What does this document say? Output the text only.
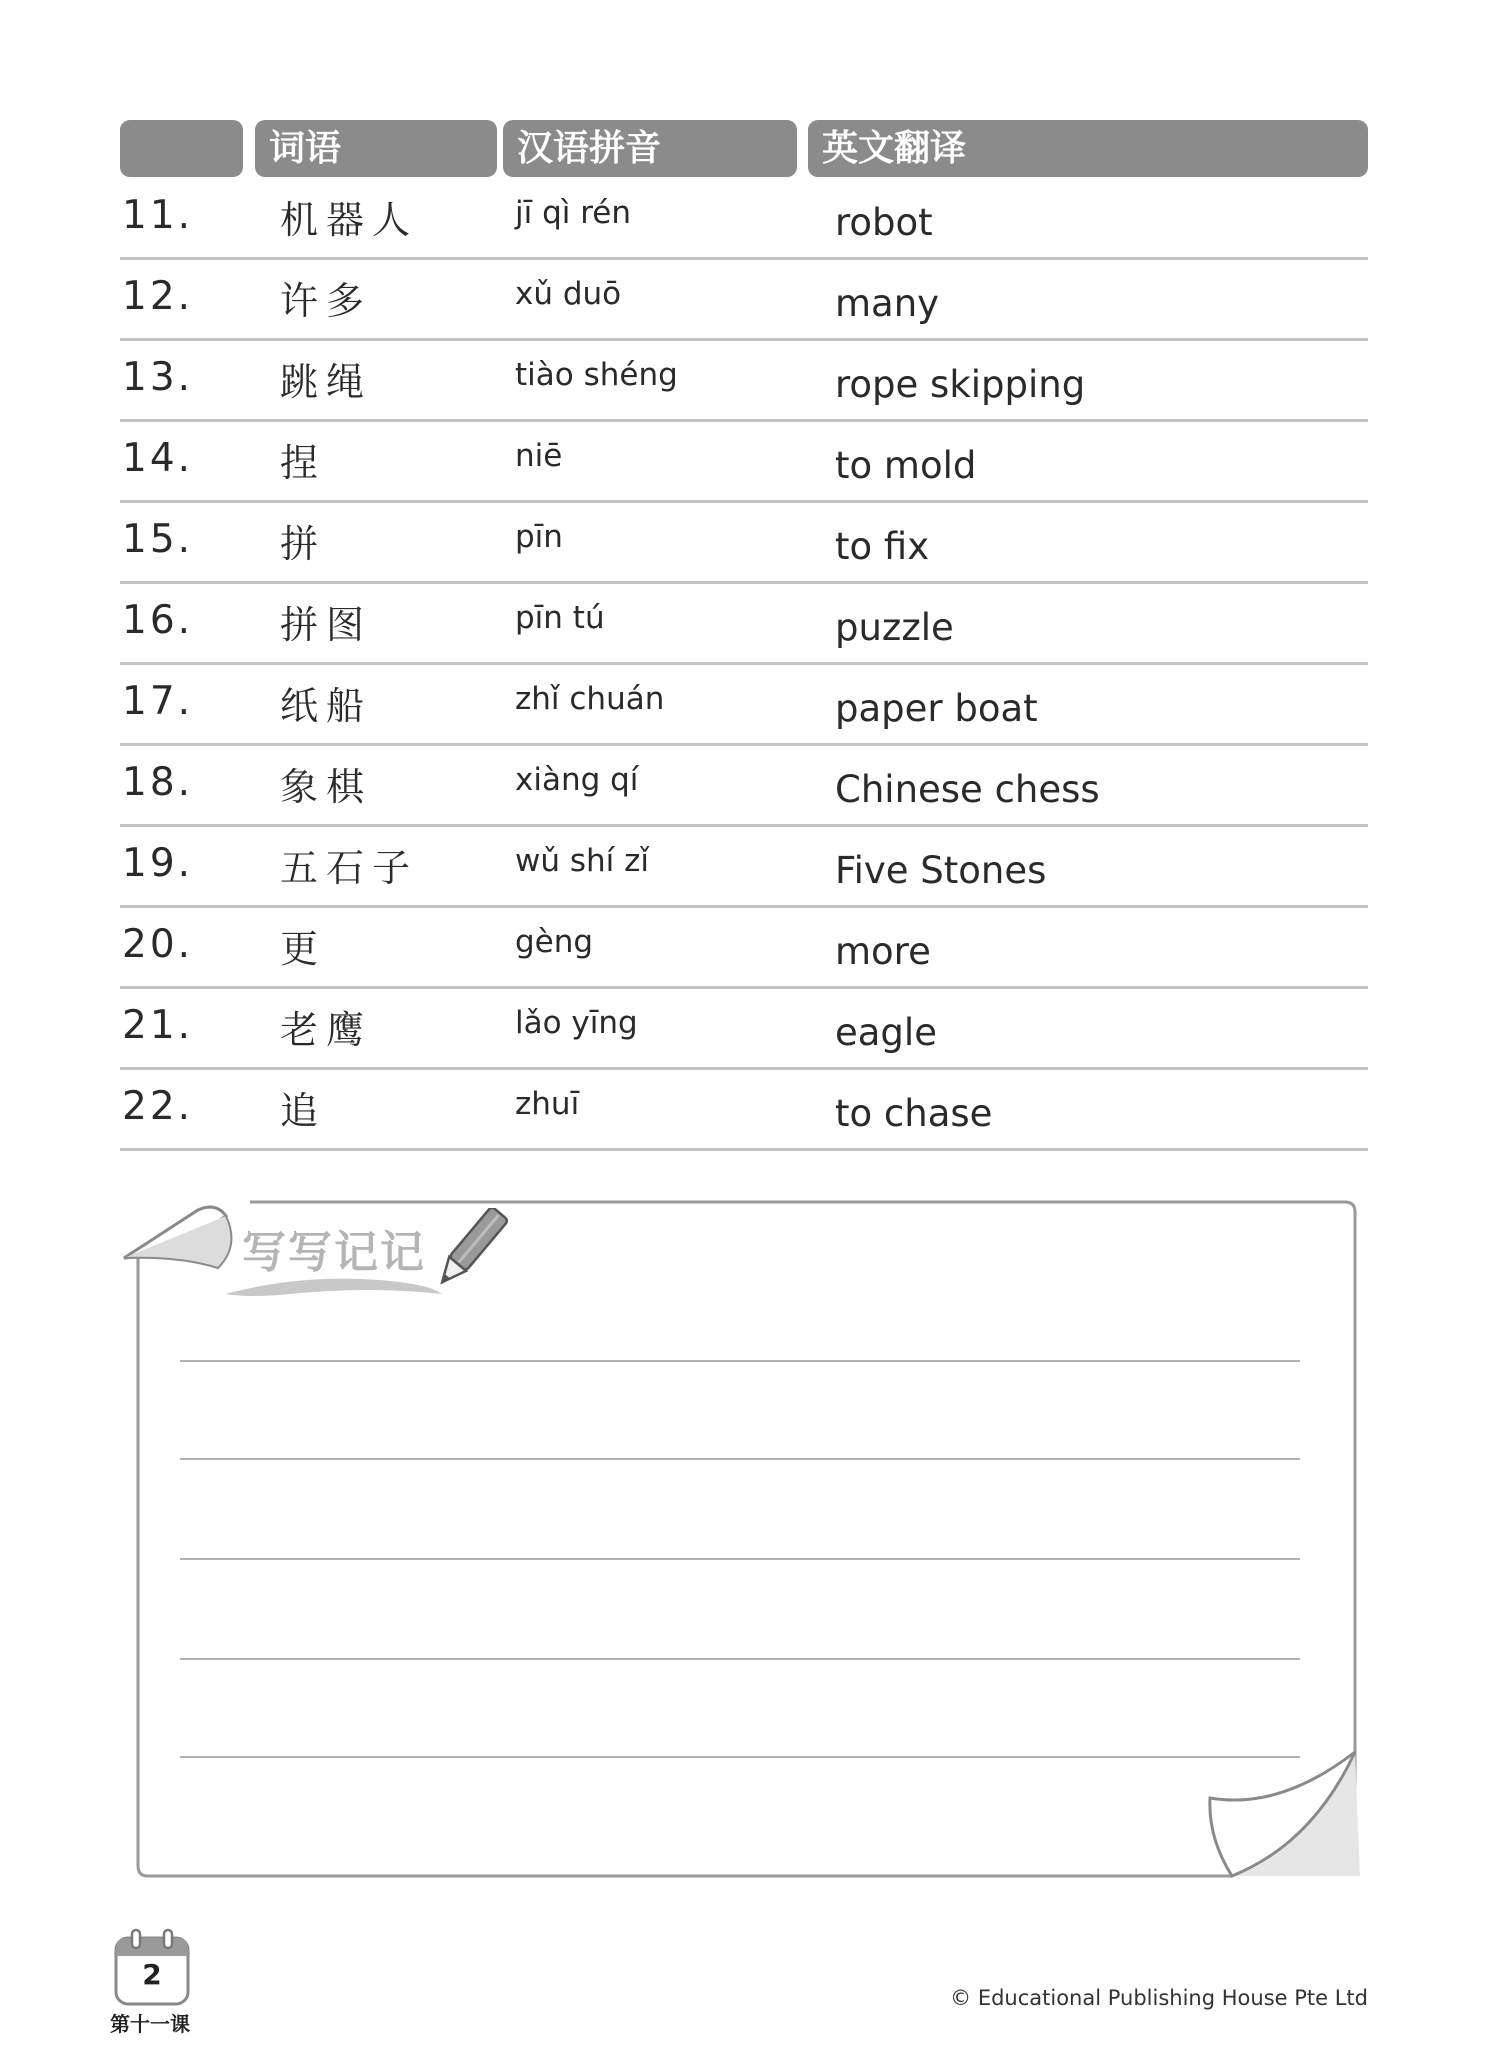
词语	汉语拼音	英文翻译
11. 机器人	jī qì rén	robot
12. 许多	xǔ duō	many
13. 跳绳	tiào shéng	rope skipping
14. 捏	niē	to mold
15. 拼	pīn	to fix
16. 拼图	pīn tú	puzzle
17. 纸船	zhǐ chuán	paper boat
18. 象棋	xiàng qí	Chinese chess
19. 五石子	wǔ shí zǐ	Five Stones
20. 更	gèng	more
21. 老鹰	lǎo yīng	eagle
22. 追	zhuī	to chase
写写记记
2
第十一课
© Educational Publishing House Pte Ltd
